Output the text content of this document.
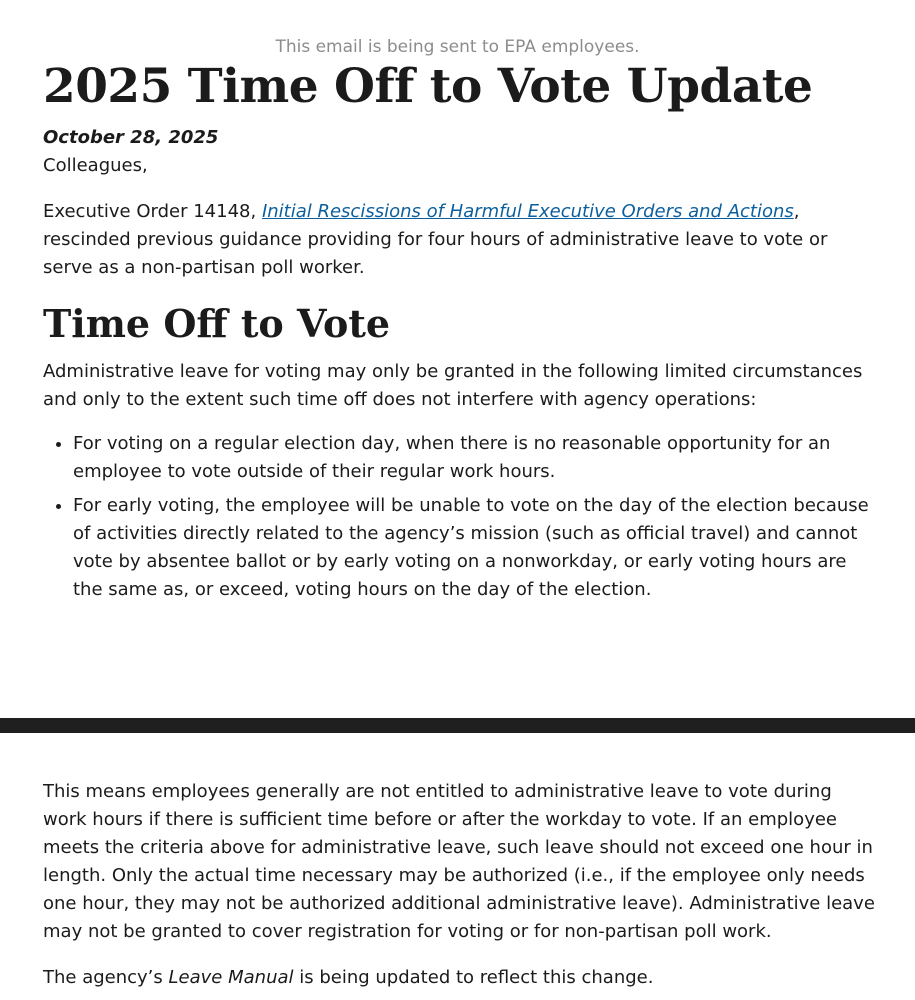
This email is being sent to EPA employees.
2025 Time Off to Vote Update
October 28, 2025

Colleagues,

Executive Order 14148, Initial Rescissions of Harmful Executive Orders and Actions, rescinded previous guidance providing for four hours of administrative leave to vote or serve as a non-partisan poll worker.

Time Off to Vote

Administrative leave for voting may only be granted in the following limited circumstances and only to the extent such time off does not interfere with agency operations:

• For voting on a regular election day, when there is no reasonable opportunity for an employee to vote outside of their regular work hours.
• For early voting, the employee will be unable to vote on the day of the election because of activities directly related to the agency’s mission (such as official travel) and cannot vote by absentee ballot or by early voting on a nonworkday, or early voting hours are the same as, or exceed, voting hours on the day of the election.

This means employees generally are not entitled to administrative leave to vote during work hours if there is sufficient time before or after the workday to vote. If an employee meets the criteria above for administrative leave, such leave should not exceed one hour in length. Only the actual time necessary may be authorized (i.e., if the employee only needs one hour, they may not be authorized additional administrative leave). Administrative leave may not be granted to cover registration for voting or for non-partisan poll work.

The agency’s Leave Manual is being updated to reflect this change.
